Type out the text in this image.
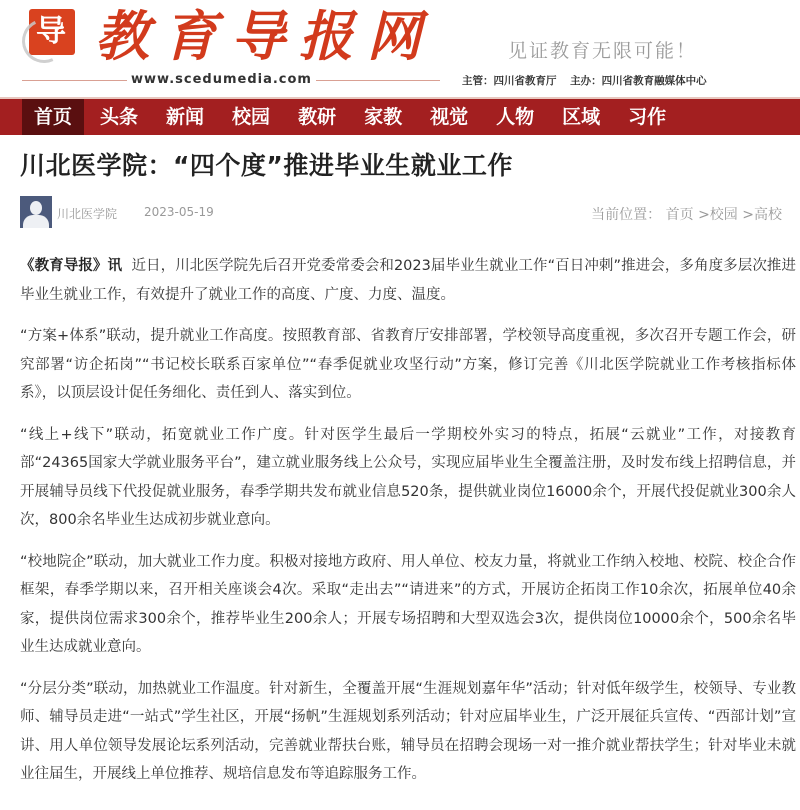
导 教育导报网
www.scedumedia.com
见证教育无限可能！
主管：四川省教育厅 主办：四川省教育融媒体中心
首页	头条	新闻	校园	教研	家教	视觉	人物	区域	习作
川北医学院：“四个度”推进毕业生就业工作
川北医学院 2023-05-19	当前位置： 首页 >校园 >高校

《教育导报》讯 近日，川北医学院先后召开党委常委会和2023届毕业生就业工作“百日冲刺”推进会，多角度多层次推进毕业生就业工作，有效提升了就业工作的高度、广度、力度、温度。

“方案+体系”联动，提升就业工作高度。按照教育部、省教育厅安排部署，学校领导高度重视，多次召开专题工作会，研究部署“访企拓岗”“书记校长联系百家单位”“春季促就业攻坚行动”方案，修订完善《川北医学院就业工作考核指标体系》，以顶层设计促任务细化、责任到人、落实到位。

“线上+线下”联动，拓宽就业工作广度。针对医学生最后一学期校外实习的特点，拓展“云就业”工作，对接教育部“24365国家大学就业服务平台”，建立就业服务线上公众号，实现应届毕业生全覆盖注册，及时发布线上招聘信息，并开展辅导员线下代投促就业服务，春季学期共发布就业信息520条，提供就业岗位16000余个，开展代投促就业300余人次，800余名毕业生达成初步就业意向。

“校地院企”联动，加大就业工作力度。积极对接地方政府、用人单位、校友力量，将就业工作纳入校地、校院、校企合作框架，春季学期以来，召开相关座谈会4次。采取“走出去”“请进来”的方式，开展访企拓岗工作10余次，拓展单位40余家，提供岗位需求300余个，推荐毕业生200余人；开展专场招聘和大型双选会3次，提供岗位10000余个，500余名毕业生达成就业意向。

“分层分类”联动，加热就业工作温度。针对新生，全覆盖开展“生涯规划嘉年华”活动；针对低年级学生，校领导、专业教师、辅导员走进“一站式”学生社区，开展“扬帆”生涯规划系列活动；针对应届毕业生，广泛开展征兵宣传、“西部计划”宣讲、用人单位领导发展论坛系列活动，完善就业帮扶台账，辅导员在招聘会现场一对一推介就业帮扶学生；针对毕业未就业往届生，开展线上单位推荐、规培信息发布等追踪服务工作。
